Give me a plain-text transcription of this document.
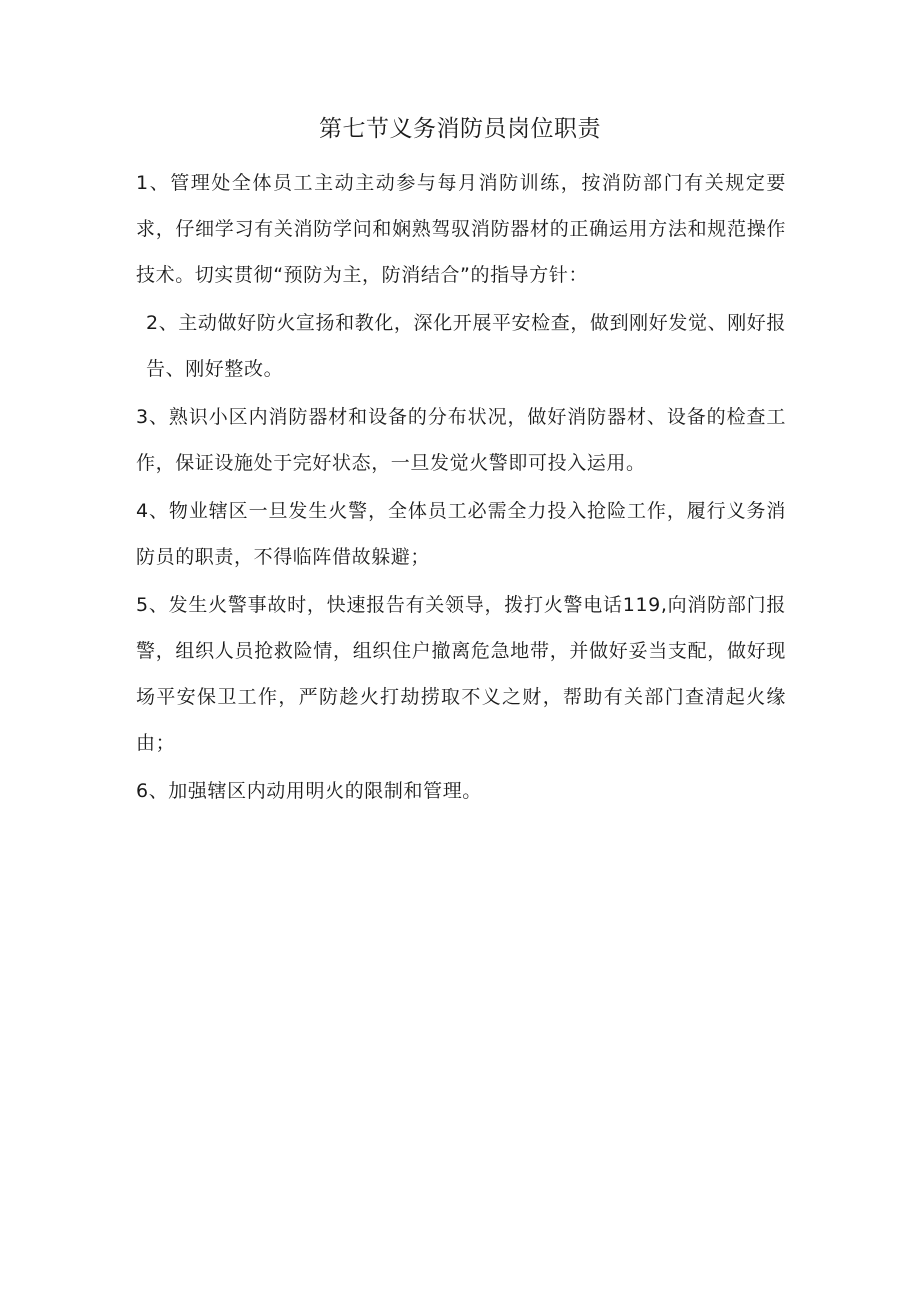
第七节义务消防员岗位职责

1、管理处全体员工主动主动参与每月消防训练，按消防部门有关规定要求，仔细学习有关消防学问和娴熟驾驭消防器材的正确运用方法和规范操作技术。切实贯彻“预防为主，防消结合”的指导方针：

2、主动做好防火宣扬和教化，深化开展平安检查，做到刚好发觉、刚好报告、刚好整改。

3、熟识小区内消防器材和设备的分布状况，做好消防器材、设备的检查工作，保证设施处于完好状态，一旦发觉火警即可投入运用。

4、物业辖区一旦发生火警，全体员工必需全力投入抢险工作，履行义务消防员的职责，不得临阵借故躲避；

5、发生火警事故时，快速报告有关领导，拨打火警电话119,向消防部门报警，组织人员抢救险情，组织住户撤离危急地带，并做好妥当支配，做好现场平安保卫工作，严防趁火打劫捞取不义之财，帮助有关部门查清起火缘由；

6、加强辖区内动用明火的限制和管理。
